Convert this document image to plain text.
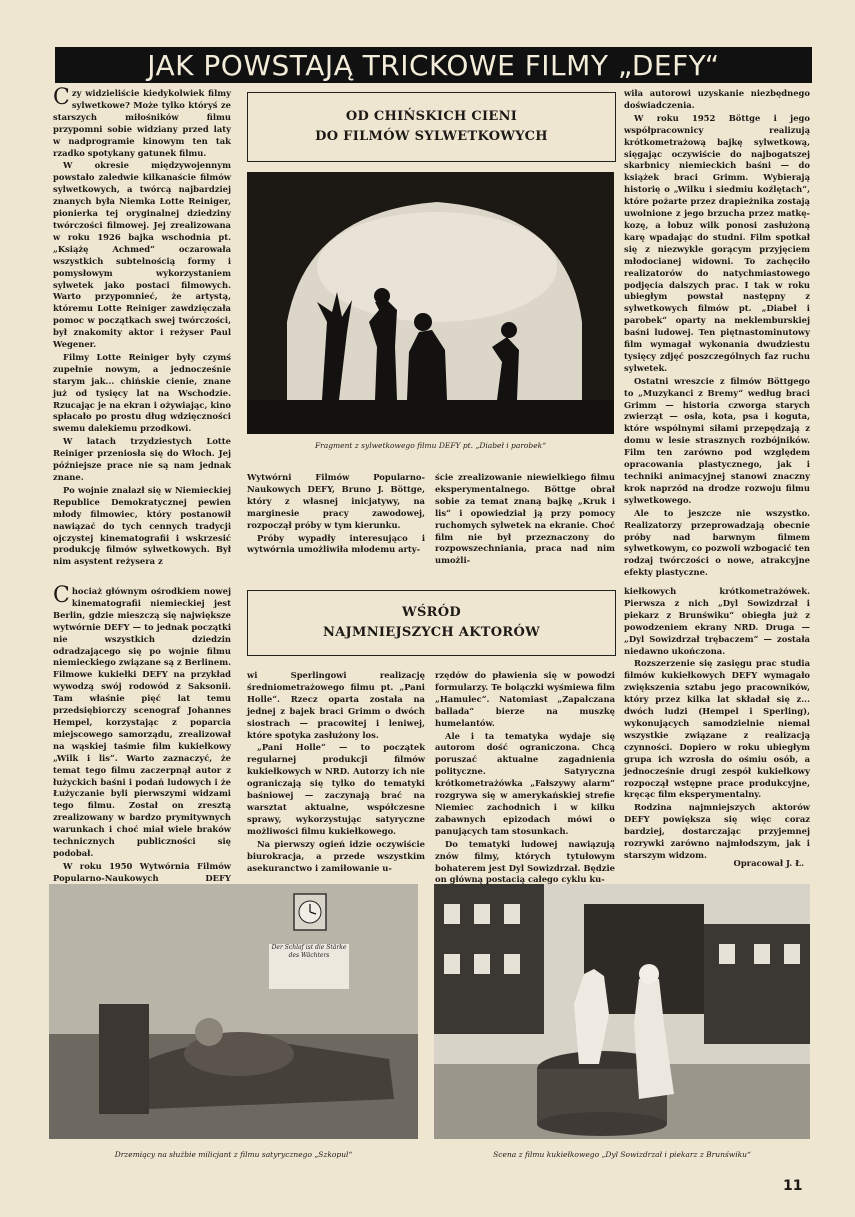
JAK POWSTAJĄ TRICKOWE FILMY „DEFY“

Czy widzieliście kiedykolwiek filmy sylwetkowe? Może tylko któryś ze starszych miłośników filmu przypomni sobie widziany przed laty w nadprogramie kinowym ten tak rzadko spotykany gatunek filmu.

W okresie międzywojennym powstało zaledwie kilkanaście filmów sylwetkowych, a twórcą najbardziej znanych była Niemka Lotte Reiniger, pionierka tej oryginalnej dziedziny twórczości filmowej. Jej zrealizowana w roku 1926 bajka wschodnia pt. „Książę Achmed“ oczarowała wszystkich subtelnością formy i pomysłowym wykorzystaniem sylwetek jako postaci filmowych. Warto przypomnieć, że artystą, któremu Lotte Reiniger zawdzięczała pomoc w początkach swej twórczości, był znakomity aktor i reżyser Paul Wegener.

Filmy Lotte Reiniger były czymś zupełnie nowym, a jednocześnie starym jak... chińskie cienie, znane już od tysięcy lat na Wschodzie. Rzucając je na ekran i ożywiając, kino spłacało po prostu dług wdzięczności swemu dalekiemu przodkowi.

W latach trzydziestych Lotte Reiniger przeniosła się do Włoch. Jej późniejsze prace nie są nam jednak znane.

Po wojnie znalazł się w Niemieckiej Republice Demokratycznej pewien młody filmowiec, który postanowił nawiązać do tych cennych tradycji ojczystej kinematografii i wskrzesić produkcję filmów sylwetkowych. Był nim asystent reżysera z

OD CHIŃSKICH CIENI
DO FILMÓW SYLWETKOWYCH
Fragment z sylwetkowego filmu DEFY pt. „Diabeł i parobek“

Wytwórni Filmów Popularno-Naukowych DEFY, Bruno J. Böttge, który z własnej inicjatywy, na marginesie pracy zawodowej, rozpoczął próby w tym kierunku.

Próby wypadły interesująco i wytwórnia umożliwiła młodemu arty-

ście zrealizowanie niewielkiego filmu eksperymentalnego. Böttge obrał sobie za temat znaną bajkę „Kruk i lis“ i opowiedział ją przy pomocy ruchomych sylwetek na ekranie. Choć film nie był przeznaczony do rozpowszechniania, praca nad nim umożli-

wiła autorowi uzyskanie niezbędnego doświadczenia.

W roku 1952 Böttge i jego współpracownicy realizują krótkometrażową bajkę sylwetkową, sięgając oczywiście do najbogatszej skarbnicy niemieckich baśni — do książek braci Grimm. Wybierają historię o „Wilku i siedmiu koźlętach“, które pożarte przez drapieżnika zostają uwolnione z jego brzucha przez matkę-kozę, a łobuz wilk ponosi zasłużoną karę wpadając do studni. Film spotkał się z niezwykle gorącym przyjęciem młodocianej widowni. To zachęciło realizatorów do natychmiastowego podjęcia dalszych prac. I tak w roku ubiegłym powstał następny z sylwetkowych filmów pt. „Diabeł i parobek“ oparty na meklemburskiej baśni ludowej. Ten piętnastominutowy film wymagał wykonania dwudziestu tysięcy zdjęć poszczególnych faz ruchu sylwetek.

Ostatni wreszcie z filmów Böttgego to „Muzykanci z Bremy“ według braci Grimm — historia czworga starych zwierząt — osła, kota, psa i koguta, które wspólnymi siłami przepędzają z domu w lesie strasznych rozbójników. Film ten zarówno pod względem opracowania plastycznego, jak i techniki animacyjnej stanowi znaczny krok naprzód na drodze rozwoju filmu sylwetkowego.

Ale to jeszcze nie wszystko. Realizatorzy przeprowadzają obecnie próby nad barwnym filmem sylwetkowym, co pozwoli wzbogacić ten rodzaj twórczości o nowe, atrakcyjne efekty plastyczne.

Chociaż głównym ośrodkiem nowej kinematografii niemieckiej jest Berlin, gdzie mieszczą się największe wytwórnie DEFY — to jednak początki nie wszystkich dziedzin odradzającego się po wojnie filmu niemieckiego związane są z Berlinem. Filmowe kukiełki DEFY na przykład wywodzą swój rodowód z Saksonii. Tam właśnie pięć lat temu przedsiębiorczy scenograf Johannes Hempel, korzystając z poparcia miejscowego samorządu, zrealizował na wąskiej taśmie film kukiełkowy „Wilk i lis“. Warto zaznaczyć, że temat tego filmu zaczerpnął autor z łużyckich baśni i podań ludowych i że Łużyczanie byli pierwszymi widzami tego filmu. Został on zresztą zrealizowany w bardzo prymitywnych warunkach i choć miał wiele braków technicznych publiczności się podobał.

W roku 1950 Wytwórnia Filmów Popularno-Naukowych DEFY

WŚRÓD
NAJMNIEJSZYCH AKTORÓW

wi Sperlingowi realizację średniometrażowego filmu pt. „Pani Holle“. Rzecz oparta została na jednej z bajek braci Grimm o dwóch siostrach — pracowitej i leniwej, które spotyka zasłużony los.

„Pani Holle“ — to początek regularnej produkcji filmów kukiełkowych w NRD. Autorzy ich nie ograniczają się tylko do tematyki baśniowej — zaczynają brać na warsztat aktualne, współczesne sprawy, wykorzystując satyryczne możliwości filmu kukiełkowego.

Na pierwszy ogień idzie oczywiście biurokracja, a przede wszystkim asekuranctwo i zamiłowanie u-

rzędów do pławienia się w powodzi formularzy. Te bolączki wyśmiewa film „Hamulec“. Natomiast „Zapalczana ballada“ bierze na muszkę humelantów.

Ale i ta tematyka wydaje się autorom dość ograniczona. Chcą poruszać aktualne zagadnienia polityczne. Satyryczna krótkometrażówka „Fałszywy alarm“ rozgrywa się w amerykańskiej strefie Niemiec zachodnich i w kilku zabawnych epizodach mówi o panujących tam stosunkach.

Do tematyki ludowej nawiązują znów filmy, których tytułowym bohaterem jest Dyl Sowizdrzał. Będzie on główną postacią całego cyklu ku-

kiełkowych krótkometrażówek. Pierwsza z nich „Dyl Sowizdrzał i piekarz z Brunświku“ obiegła już z powodzeniem ekrany NRD. Druga — „Dyl Sowizdrzał trębaczem“ — została niedawno ukończona.

Rozszerzenie się zasięgu prac studia filmów kukiełkowych DEFY wymagało zwiększenia sztabu jego pracowników, który przez kilka lat składał się z... dwóch ludzi (Hempel i Sperling), wykonujących samodzielnie niemal wszystkie związane z realizacją czynności. Dopiero w roku ubiegłym grupa ich wzrosła do ośmiu osób, a jednocześnie drugi zespół kukiełkowy rozpoczął wstępne prace produkcyjne, kręcąc film eksperymentalny.

Rodzina najmniejszych aktorów DEFY powiększa się więc coraz bardziej, dostarczając przyjemnej rozrywki zarówno najmłodszym, jak i starszym widzom.

Opracował J. Ł.
Drzemiący na służbie milicjant z filmu satyrycznego „Szkopul“	Scena z filmu kukiełkowego „Dyl Sowizdrzał i piekarz z Brunświku“
Der Schlaf ist die Stärke des Wächters
11
